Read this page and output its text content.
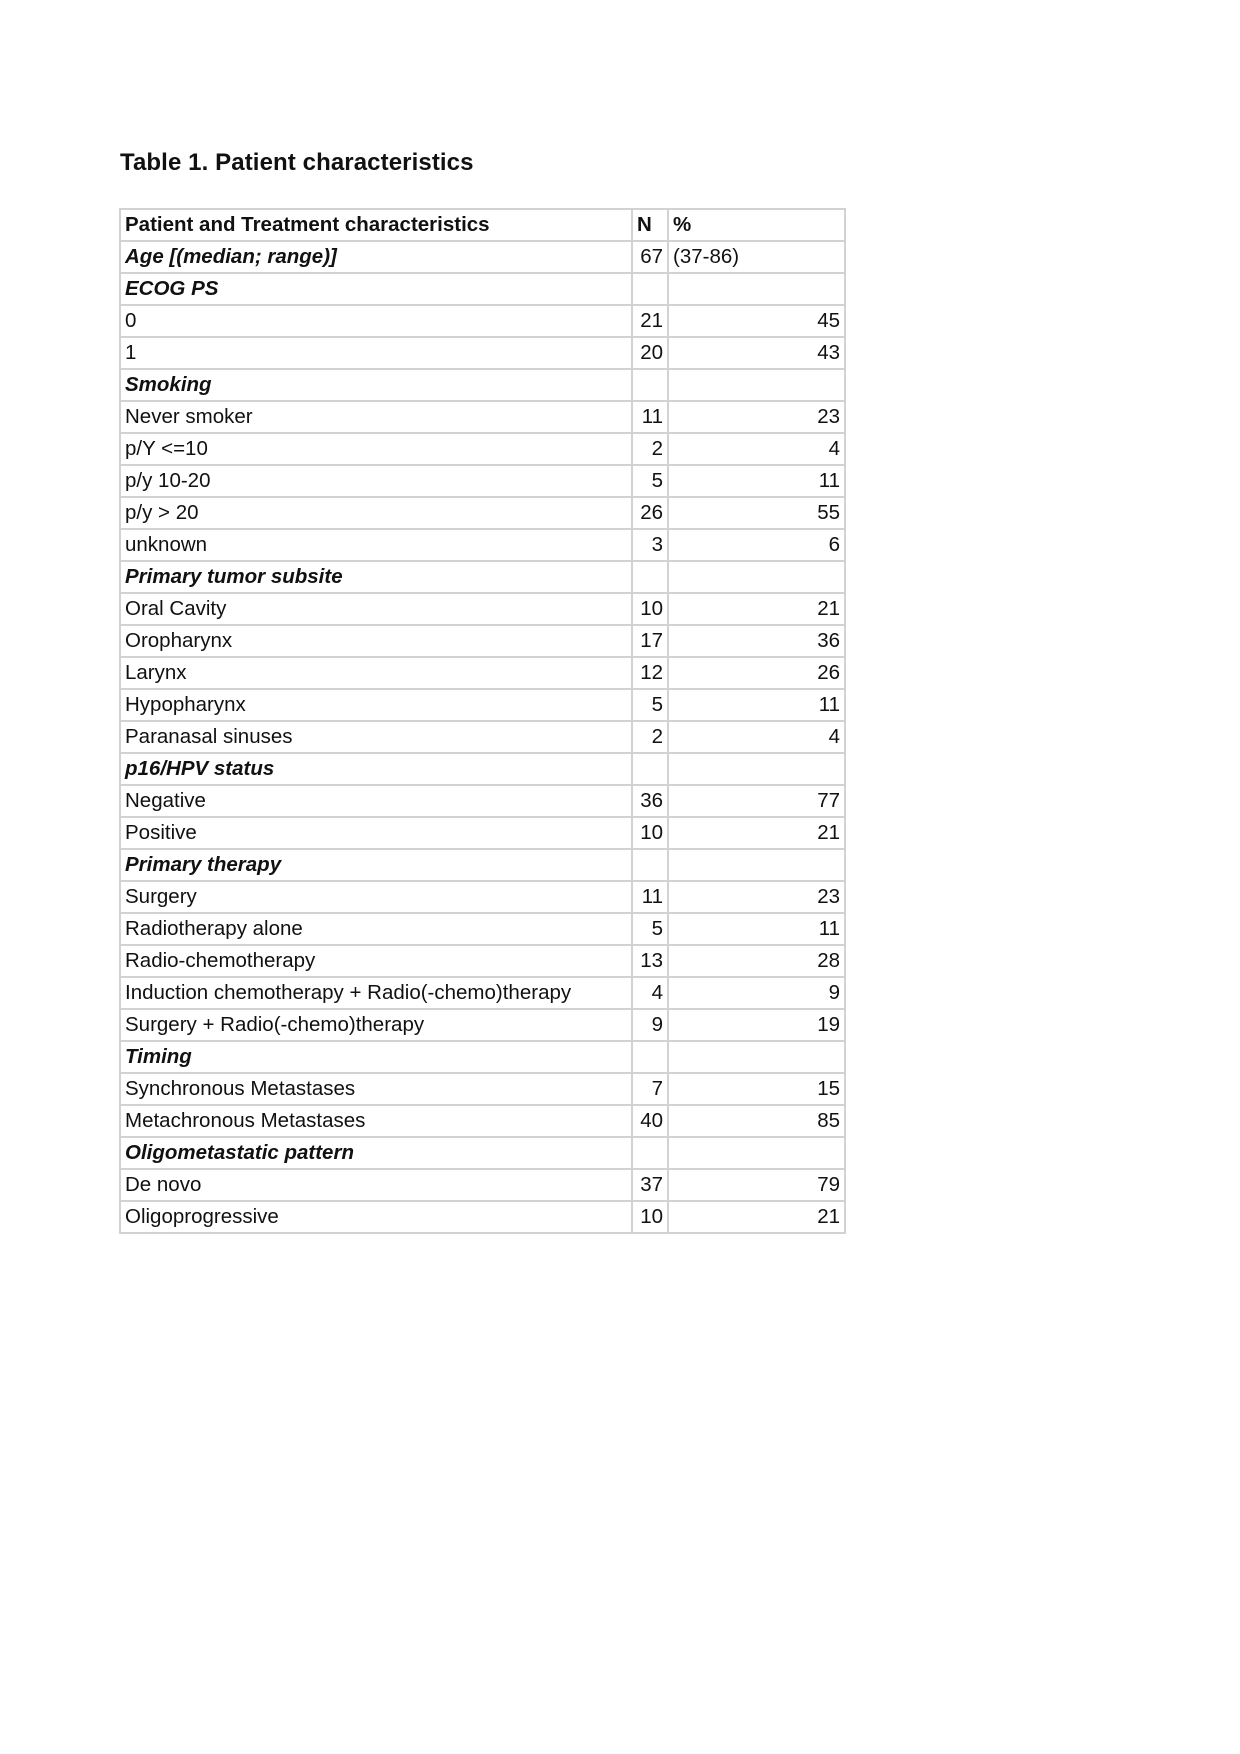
Table 1. Patient characteristics
Patient and Treatment characteristics	N	%
Age [(median; range)]	67	(37-86)
ECOG PS		
0	21	45
1	20	43
Smoking		
Never smoker	11	23
p/Y <=10	2	4
p/y 10-20	5	11
p/y > 20	26	55
unknown	3	6
Primary tumor subsite		
Oral Cavity	10	21
Oropharynx	17	36
Larynx	12	26
Hypopharynx	5	11
Paranasal sinuses	2	4
p16/HPV status		
Negative	36	77
Positive	10	21
Primary therapy		
Surgery	11	23
Radiotherapy alone	5	11
Radio-chemotherapy	13	28
Induction chemotherapy + Radio(-chemo)therapy	4	9
Surgery + Radio(-chemo)therapy	9	19
Timing		
Synchronous Metastases	7	15
Metachronous Metastases	40	85
Oligometastatic pattern		
De novo	37	79
Oligoprogressive	10	21
